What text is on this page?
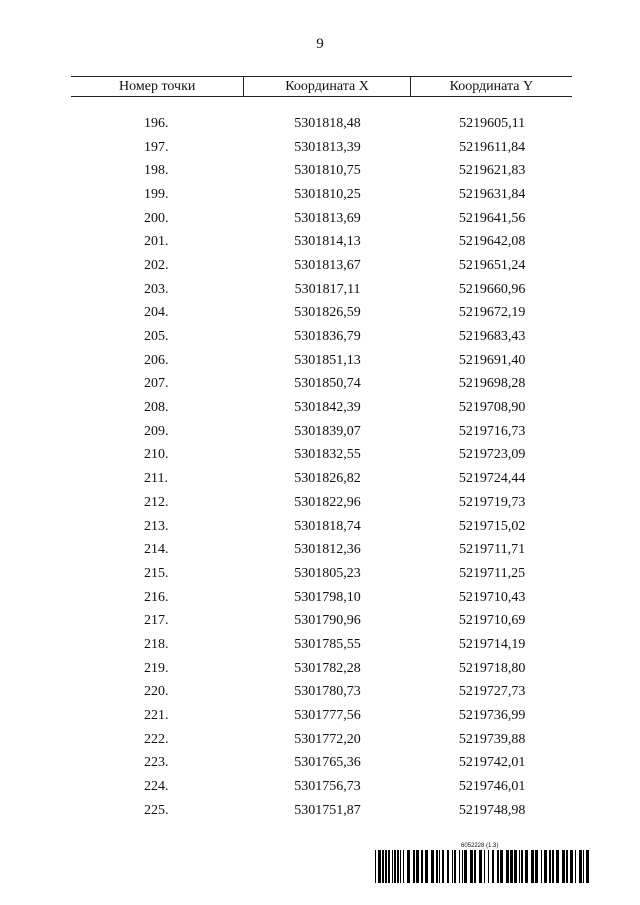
9
Номер точки	Координата X	Координата Y

196.	5301818,48	5219605,11
197.	5301813,39	5219611,84
198.	5301810,75	5219621,83
199.	5301810,25	5219631,84
200.	5301813,69	5219641,56
201.	5301814,13	5219642,08
202.	5301813,67	5219651,24
203.	5301817,11	5219660,96
204.	5301826,59	5219672,19
205.	5301836,79	5219683,43
206.	5301851,13	5219691,40
207.	5301850,74	5219698,28
208.	5301842,39	5219708,90
209.	5301839,07	5219716,73
210.	5301832,55	5219723,09
211.	5301826,82	5219724,44
212.	5301822,96	5219719,73
213.	5301818,74	5219715,02
214.	5301812,36	5219711,71
215.	5301805,23	5219711,25
216.	5301798,10	5219710,43
217.	5301790,96	5219710,69
218.	5301785,55	5219714,19
219.	5301782,28	5219718,80
220.	5301780,73	5219727,73
221.	5301777,56	5219736,99
222.	5301772,20	5219739,88
223.	5301765,36	5219742,01
224.	5301756,73	5219746,01
225.	5301751,87	5219748,98
6052228 (1.3)
